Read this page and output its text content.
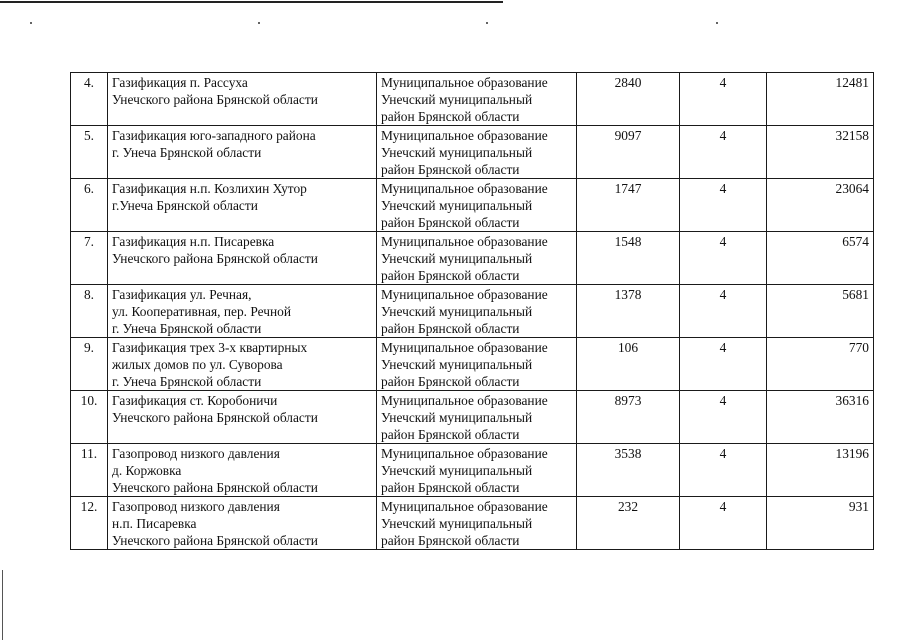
4.	Газификация п. Рассуха
Унечского района Брянской области	Муниципальное образование
Унечский муниципальный
район Брянской области	2840	4	12481
5.	Газификация юго-западного района
г. Унеча Брянской области	Муниципальное образование
Унечский муниципальный
район Брянской области	9097	4	32158
6.	Газификация н.п. Козлихин Хутор
г.Унеча Брянской области	Муниципальное образование
Унечский муниципальный
район Брянской области	1747	4	23064
7.	Газификация н.п. Писаревка
Унечского района Брянской области	Муниципальное образование
Унечский муниципальный
район Брянской области	1548	4	6574
8.	Газификация ул. Речная,
ул. Кооперативная, пер. Речной
г. Унеча Брянской области	Муниципальное образование
Унечский муниципальный
район Брянской области	1378	4	5681
9.	Газификация трех 3-х квартирных
жилых домов по ул. Суворова
г. Унеча Брянской области	Муниципальное образование
Унечский муниципальный
район Брянской области	106	4	770
10.	Газификация ст. Коробоничи
Унечского района Брянской области	Муниципальное образование
Унечский муниципальный
район Брянской области	8973	4	36316
11.	Газопровод низкого давления
д. Коржовка
Унечского района Брянской области	Муниципальное образование
Унечский муниципальный
район Брянской области	3538	4	13196
12.	Газопровод низкого давления
н.п. Писаревка
Унечского района Брянской области	Муниципальное образование
Унечский муниципальный
район Брянской области	232	4	931
